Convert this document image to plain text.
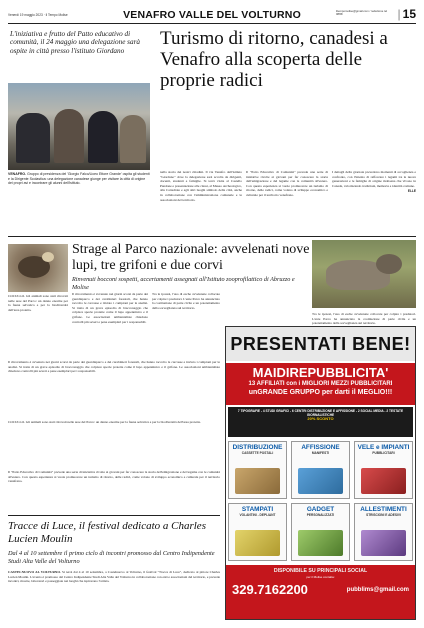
Venerdì 19 maggio 2023 · Il Tempo Molise	VENAFRO VALLE DEL VOLTURNO	iltempomolise@gmail.com / redazione tel 0865/	| 15
L'iniziativa e frutto del Patto educativo di comunità, il 24 maggio una delegazione sarà ospite in città presso l'istituto Giordano
Turismo di ritorno, canadesi a Venafro alla scoperta delle proprie radici
VENAFRO. Gruppo di presidenza del 'Giorgio Falco/Liceo Ettore Grande' ospita gli studenti e la Dirigente Scolastica: una delegazione canadese giunge per visitare la città di origine dei propri avi e incontrare gli alunni dell'istituto.
nella storia dei nostri cittadini. Il via Venafro dell'istituto "Giordano" dove la delegazione sarà accolta da dirigenti, docenti, studenti e famiglie. Si terrà visita al Castello Pandone e presentazione alle classi, al Museo Archeologico, alla Cattedrale e agli altri luoghi simbolo della città, anche in collaborazione con l'amministrazione comunale e le associazioni del territorio.
Il "Patto Educativo di Comunità" prevede una serie di iniziative rivolte ai giovani per far conoscere la storia dell'emigrazione e del legame con le comunità all'estero. Con questa esperienza si vuole promuovere un turismo di ritorno, delle radici, come volano di sviluppo economico e culturale per il territorio venafrano.
I dettagli della giornata prevedono momenti di accoglienza e confronto, con l'intento di rafforzare i legami tra le nuove generazioni e le famiglie di origine molisana che vivono in Canada, valorizzando tradizioni, memoria e identità comune.
ELLE
COCULLO. Gli animali sono stati ritrovati nelle aree del Parco: un danno enorme per la fauna selvatica e per la biodiversità dell'area protetta.
Strage al Parco nazionale: avvelenati nove lupi, tre grifoni e due corvi
Rinvenuti bocconi sospetti, accertamenti assegnati all'Istituto zooprofilattico di Abruzzo e Molise
Il ritrovamento è avvenuto nei giorni scorsi da parte dei guardiaparco e dei carabinieri forestali, che hanno raccolto le carcasse e inviato i campioni per le analisi. Si tratta di un grave episodio di bracconaggio che colpisce specie protette come il lupo appenninico e il grifone. Le associazioni ambientaliste chiedono controlli più severi e pene esemplari per i responsabili.
Tra le ipotesi, l'uso di esche avvelenate collocate per colpire i predatori. L'ente Parco ha annunciato la costituzione di parte civile e un potenziamento della sorveglianza sul territorio.
Tra le ipotesi, l'uso di esche avvelenate collocate per colpire i predatori. L'ente Parco ha annunciato la costituzione di parte civile e un potenziamento della sorveglianza sul territorio.
PRESENTATI BENE!
MAIDIREPUBBLICITA'
13 AFFILIATI con i MIGLIORI MEZZI PUBBLICITARI
unGRANDE GRUPPO per darti il MEGLIO!!!
7 TIPOGRAFIE - 4 STUDI GRAFICI - 6 CENTRI DISTRIBUZIONE E AFFISSIONE - 2 SOCIAL MEDIA - 2 TESTATE GIORNALISTICHE
20% SCONTO
DISTRIBUZIONE
CASSETTE POSTALI
AFFISSIONE
MANIFESTI
VELE e IMPIANTI
PUBBLICITARI
STAMPATI
VOLANTINI - DEPLIANT
GADGET
PERSONALIZZATI
ALLESTIMENTI
STRISCIONI E ADESIVI
DISPONIBILE SU PRINCIPALI SOCIAL
per il Molise contatta:
329.7162200	pubblims@gmail.com
Il ritrovamento è avvenuto nei giorni scorsi da parte dei guardiaparco e dei carabinieri forestali, che hanno raccolto le carcasse e inviato i campioni per le analisi. Si tratta di un grave episodio di bracconaggio che colpisce specie protette come il lupo appenninico e il grifone. Le associazioni ambientaliste chiedono controlli più severi e pene esemplari per i responsabili.
COCULLO. Gli animali sono stati ritrovati nelle aree del Parco: un danno enorme per la fauna selvatica e per la biodiversità dell'area protetta.
Il "Patto Educativo di Comunità" prevede una serie di iniziative rivolte ai giovani per far conoscere la storia dell'emigrazione e del legame con le comunità all'estero. Con questa esperienza si vuole promuovere un turismo di ritorno, delle radici, come volano di sviluppo economico e culturale per il territorio venafrano.
Tracce di Luce, il festival dedicato a Charles Lucien Moulin
Dal 4 al 10 settembre il primo ciclo di incontri promosso dal Centro Indipendente Studi Alta Valle del Volturno
CASTELNUOVO AL VOLTURNO. Si terrà dal 4 al 10 settembre, a Castelnuovo al Volturno, il festival "Tracce di Luce", dedicato al pittore Charles Lucien Moulin. L'evento è promosso dal Centro Indipendente Studi Alta Valle del Volturno in collaborazione con enti e associazioni del territorio, e prevede incontri, mostre, laboratori e passeggiate nei luoghi che ispirarono l'artista.
